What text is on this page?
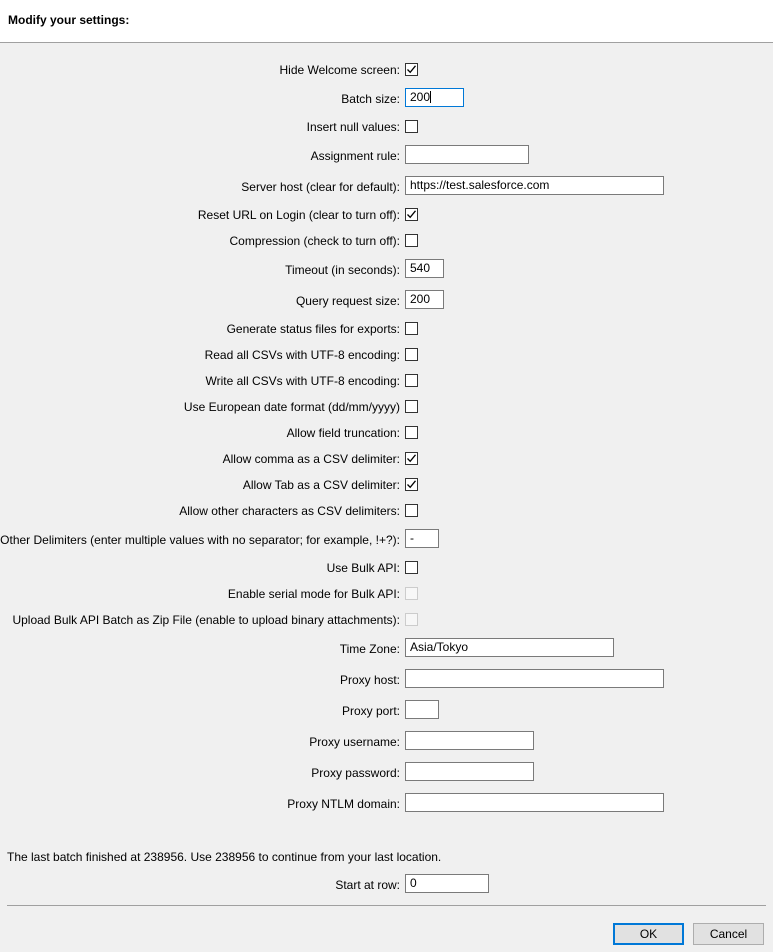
Modify your settings:
Hide Welcome screen:
Batch size: 200
Insert null values:
Assignment rule:
Server host (clear for default): https://test.salesforce.com
Reset URL on Login (clear to turn off):
Compression (check to turn off):
Timeout (in seconds): 540
Query request size: 200
Generate status files for exports:
Read all CSVs with UTF-8 encoding:
Write all CSVs with UTF-8 encoding:
Use European date format (dd/mm/yyyy)
Allow field truncation:
Allow comma as a CSV delimiter:
Allow Tab as a CSV delimiter:
Allow other characters as CSV delimiters:
Other Delimiters (enter multiple values with no separator; for example, !+?): -
Use Bulk API:
Enable serial mode for Bulk API:
Upload Bulk API Batch as Zip File (enable to upload binary attachments):
Time Zone: Asia/Tokyo
Proxy host:
Proxy port:
Proxy username:
Proxy password:
Proxy NTLM domain:
The last batch finished at 238956. Use 238956 to continue from your last location.
Start at row: 0
OK	Cancel
